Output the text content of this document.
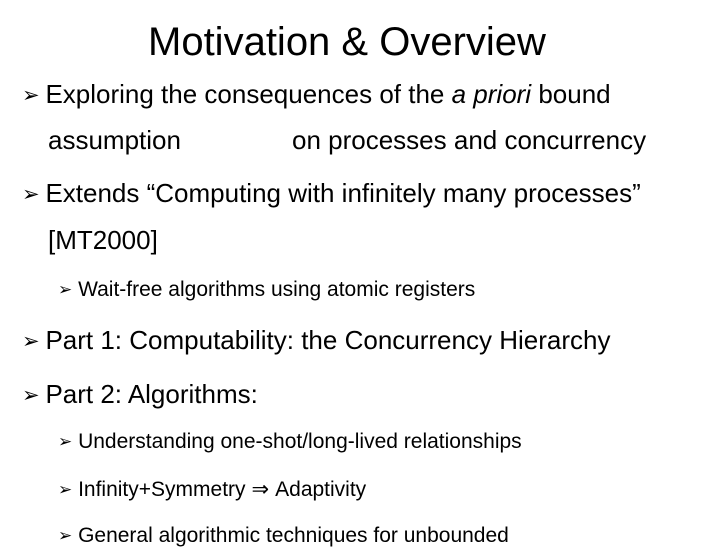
Motivation & Overview
➢ Exploring the consequences of the a priori bound
assumption	on processes and concurrency
➢ Extends “Computing with infinitely many processes”
[MT2000]
➢ Wait-free algorithms using atomic registers
➢ Part 1: Computability: the Concurrency Hierarchy
➢ Part 2: Algorithms:
➢ Understanding one-shot/long-lived relationships
➢ Infinity+Symmetry ⇒ Adaptivity
➢ General algorithmic techniques for unbounded
